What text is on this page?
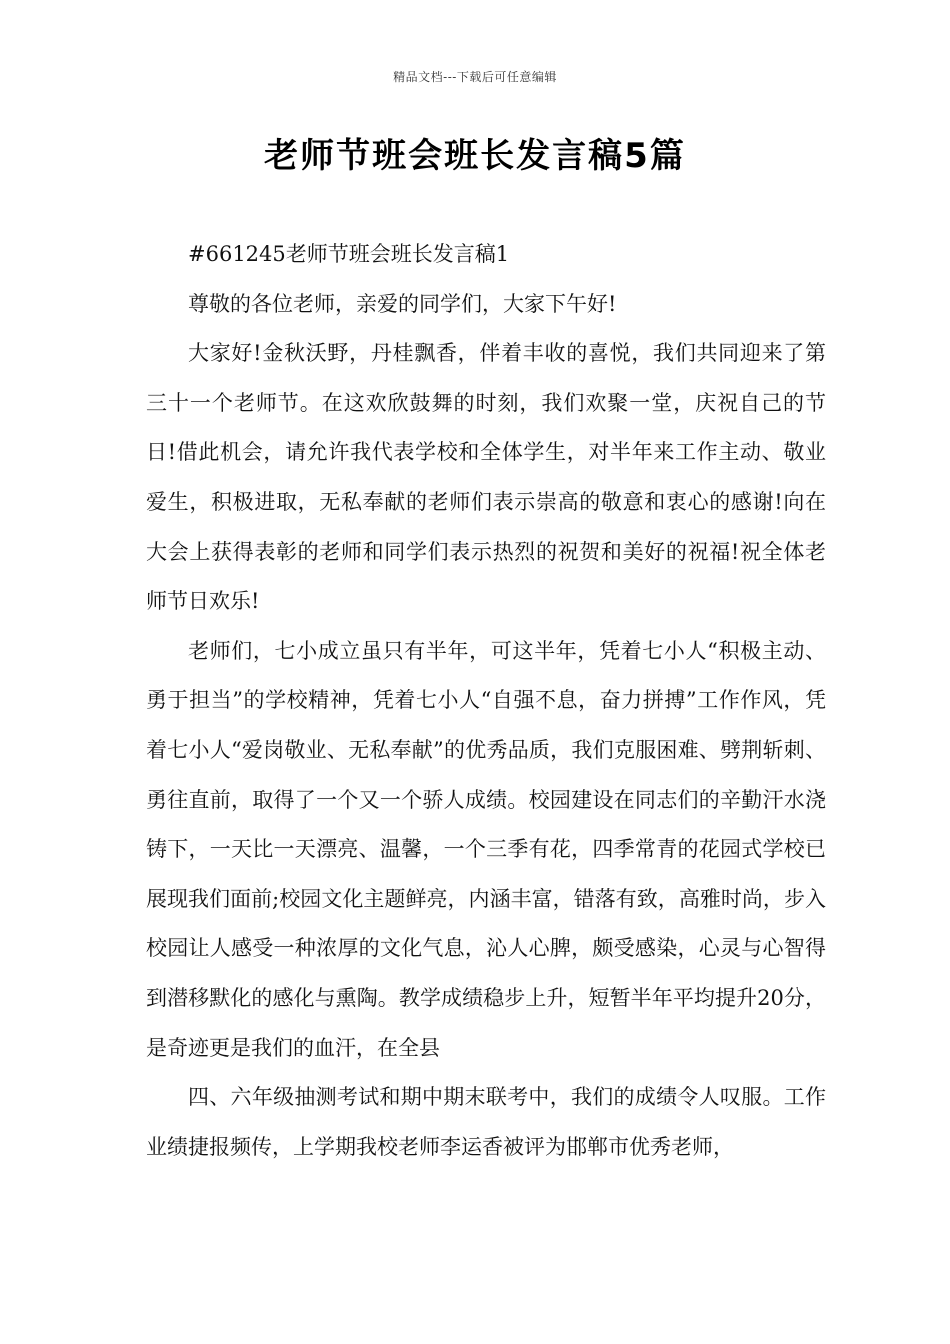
精品文档---下载后可任意编辑
老师节班会班长发言稿5篇

#661245老师节班会班长发言稿1

尊敬的各位老师，亲爱的同学们，大家下午好!

大家好!金秋沃野，丹桂飘香，伴着丰收的喜悦，我们共同迎来了第三十一个老师节。在这欢欣鼓舞的时刻，我们欢聚一堂，庆祝自己的节日!借此机会，请允许我代表学校和全体学生，对半年来工作主动、敬业爱生，积极进取，无私奉献的老师们表示崇高的敬意和衷心的感谢!向在大会上获得表彰的老师和同学们表示热烈的祝贺和美好的祝福!祝全体老师节日欢乐!

老师们，七小成立虽只有半年，可这半年，凭着七小人“积极主动、勇于担当”的学校精神，凭着七小人“自强不息，奋力拼搏”工作作风，凭着七小人“爱岗敬业、无私奉献”的优秀品质，我们克服困难、劈荆斩刺、勇往直前，取得了一个又一个骄人成绩。校园建设在同志们的辛勤汗水浇铸下，一天比一天漂亮、温馨，一个三季有花，四季常青的花园式学校已展现我们面前;校园文化主题鲜亮，内涵丰富，错落有致，高雅时尚，步入校园让人感受一种浓厚的文化气息，沁人心脾，颇受感染，心灵与心智得到潜移默化的感化与熏陶。教学成绩稳步上升，短暂半年平均提升20分，是奇迹更是我们的血汗，在全县

四、六年级抽测考试和期中期末联考中，我们的成绩令人叹服。工作业绩捷报频传，上学期我校老师李运香被评为邯郸市优秀老师，
